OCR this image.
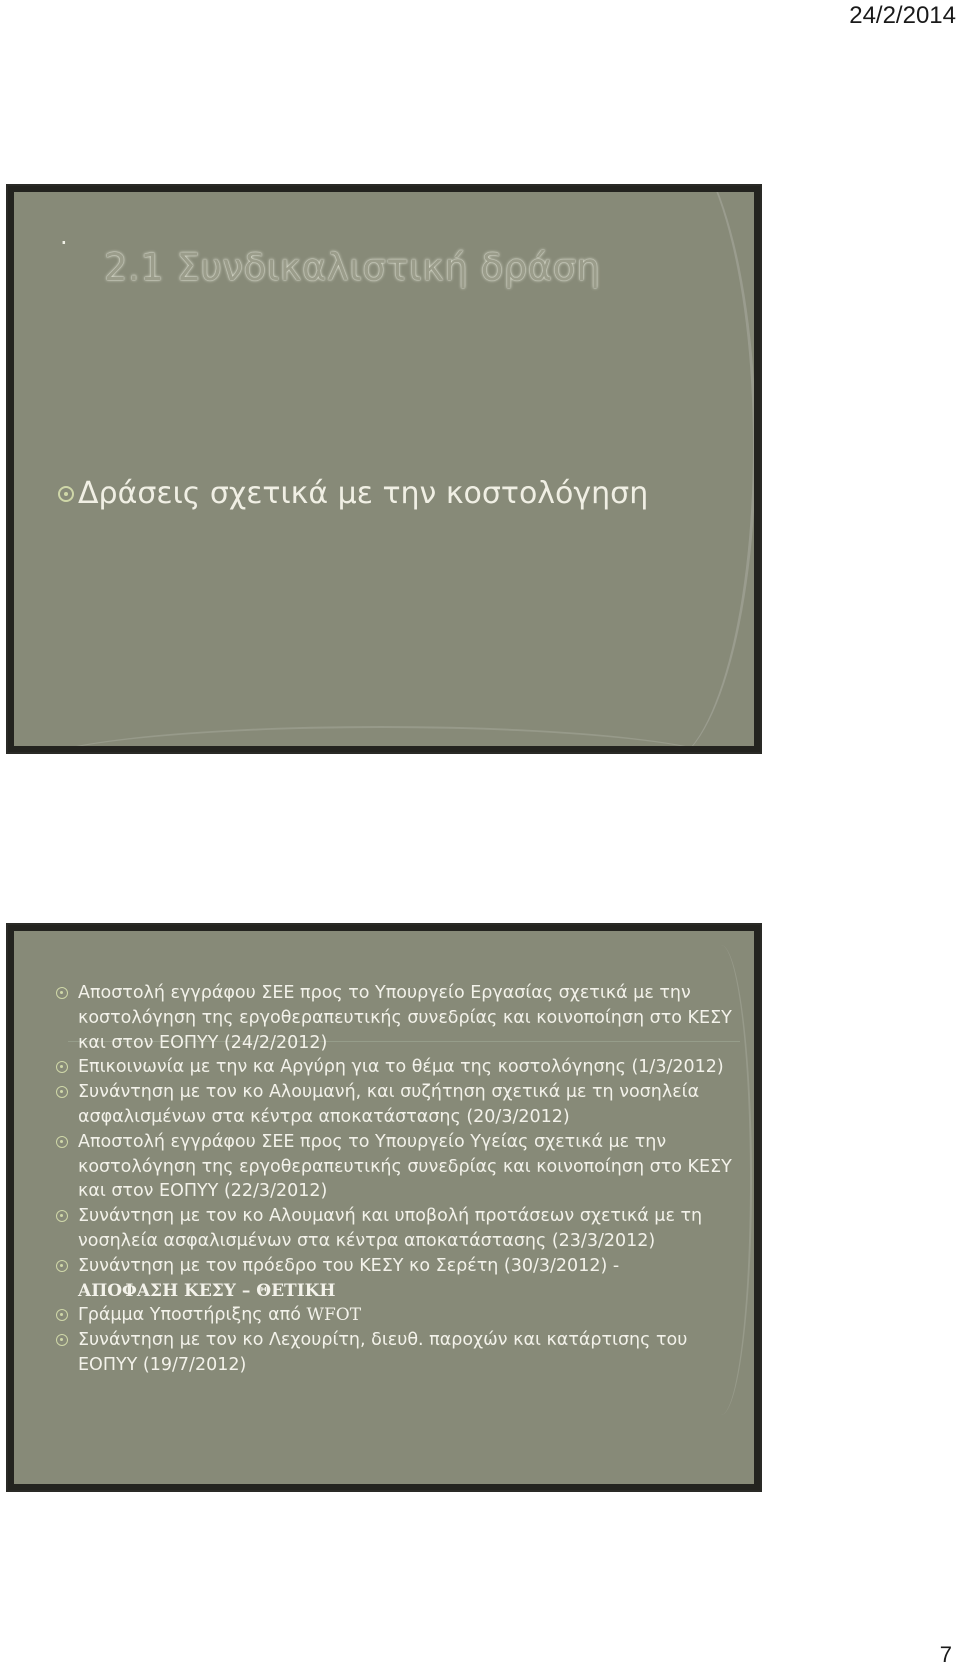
24/2/2014
.
2.1 Συνδικαλιστική δράση
Δράσεις σχετικά με την κοστολόγηση
Αποστολή εγγράφου ΣΕΕ προς το Υπουργείο Εργασίας σχετικά με την κοστολόγηση της εργοθεραπευτικής συνεδρίας και κοινοποίηση στο ΚΕΣΥ και στον ΕΟΠΥΥ (24/2/2012)
Επικοινωνία με την κα Αργύρη για το θέμα της κοστολόγησης (1/3/2012)
Συνάντηση με τον κο Αλουμανή, και συζήτηση σχετικά με τη νοσηλεία ασφαλισμένων στα κέντρα αποκατάστασης (20/3/2012)
Αποστολή εγγράφου ΣΕΕ προς το Υπουργείο Υγείας σχετικά με την κοστολόγηση της εργοθεραπευτικής συνεδρίας και κοινοποίηση στο ΚΕΣΥ και στον ΕΟΠΥΥ (22/3/2012)
Συνάντηση με τον κο Αλουμανή και υποβολή προτάσεων σχετικά με τη νοσηλεία ασφαλισμένων στα κέντρα αποκατάστασης (23/3/2012)
Συνάντηση με τον πρόεδρο του ΚΕΣΥ κο Σερέτη (30/3/2012) -
ΑΠΟΦΑΣΗ ΚΕΣΥ – ΘΕΤΙΚΗ
Γράμμα Υποστήριξης από WFOT
Συνάντηση με τον κο Λεχουρίτη, διευθ. παροχών και κατάρτισης του ΕΟΠΥΥ (19/7/2012)
7
